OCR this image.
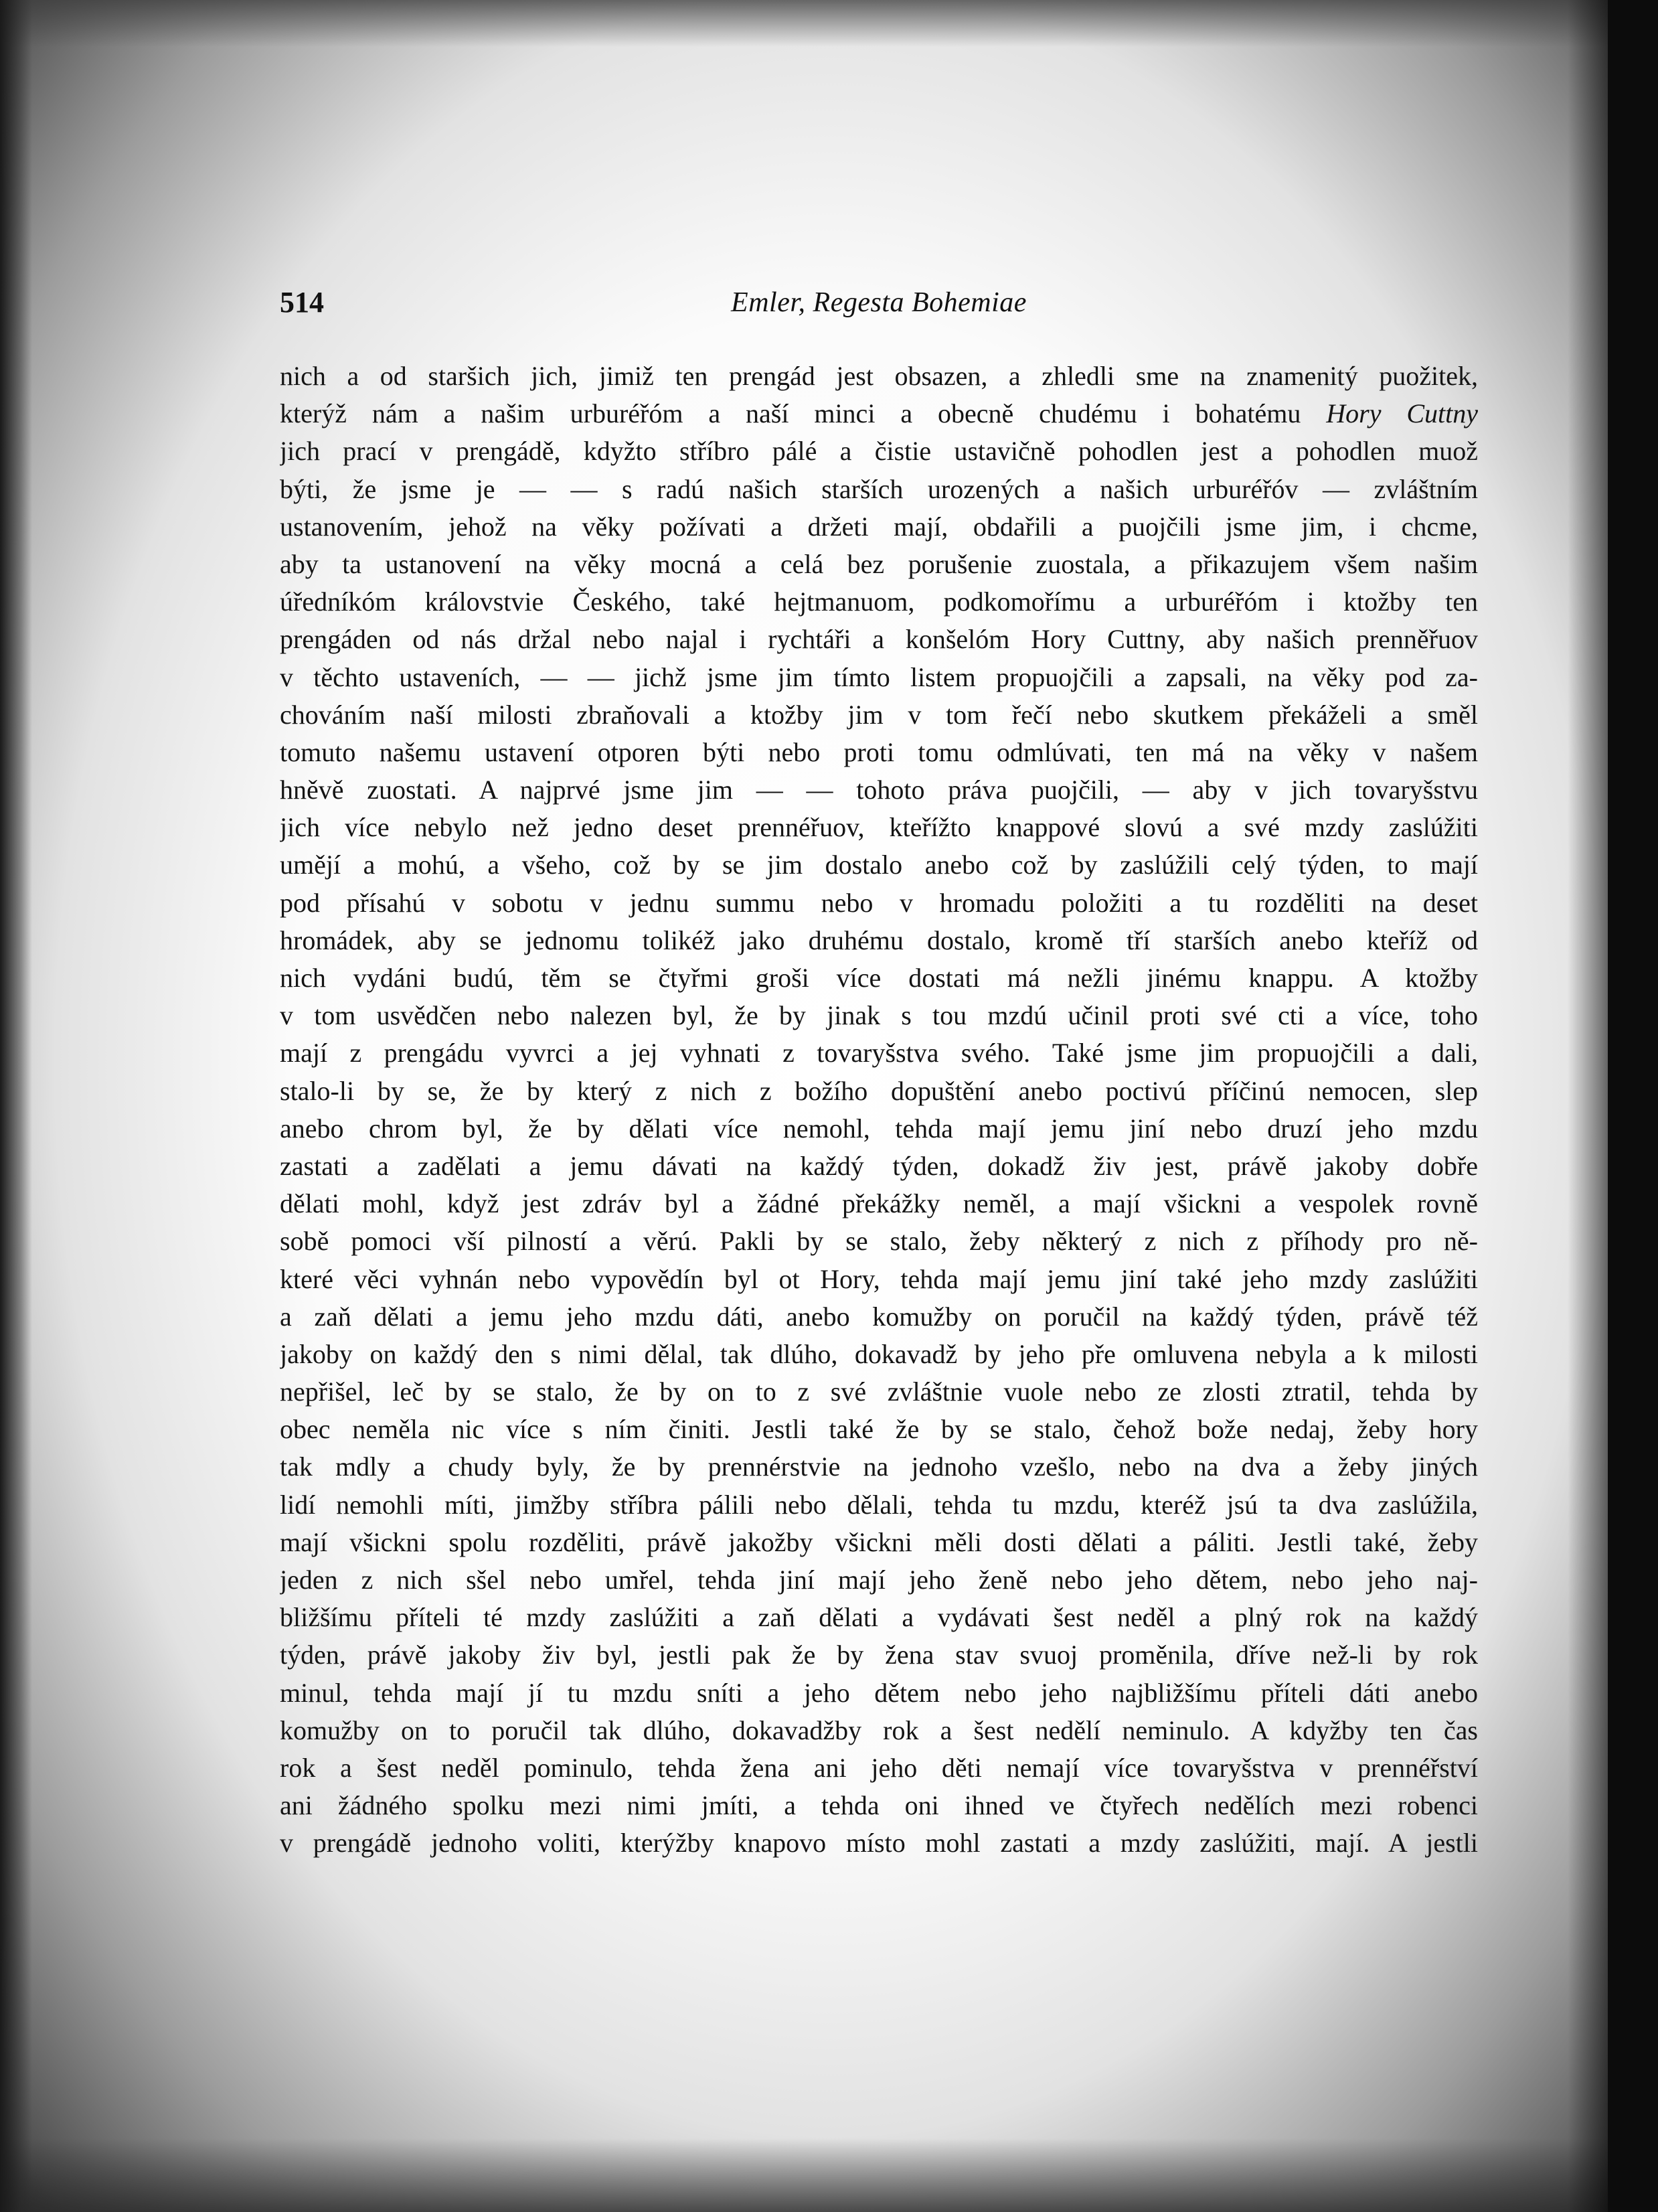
514	Emler, Regesta Bohemiae
nich a od staršich jich, jimiž ten prengád jest obsazen, a zhledli sme na znamenitý puožitek,
kterýž nám a našim urburéřóm a naší minci a obecně chudému i bohatému Hory Cuttny
jich prací v prengádě, kdyžto stříbro pálé a čistie ustavičně pohodlen jest a pohodlen muož
býti, že jsme je — — s radú našich starších urozených a našich urburéřóv — zvláštním
ustanovením, jehož na věky požívati a držeti mají, obdařili a puojčili jsme jim, i chcme,
aby ta ustanovení na věky mocná a celá bez porušenie zuostala, a přikazujem všem našim
úředníkóm královstvie Českého, také hejtmanuom, podkomořímu a urburéřóm i ktožby ten
prengáden od nás držal nebo najal i rychtáři a konšelóm Hory Cuttny, aby našich prenněřuov
v těchto ustaveních, — — jichž jsme jim tímto listem propuojčili a zapsali, na věky pod za-
chováním naší milosti zbraňovali a ktožby jim v tom řečí nebo skutkem překáželi a směl
tomuto našemu ustavení otporen býti nebo proti tomu odmlúvati, ten má na věky v našem
hněvě zuostati. A najprvé jsme jim — — tohoto práva puojčili, — aby v jich tovaryšstvu
jich více nebylo než jedno deset prennéřuov, kteřížto knappové slovú a své mzdy zaslúžiti
umějí a mohú, a všeho, což by se jim dostalo anebo což by zaslúžili celý týden, to mají
pod přísahú v sobotu v jednu summu nebo v hromadu položiti a tu rozděliti na deset
hromádek, aby se jednomu tolikéž jako druhému dostalo, kromě tří starších anebo kteříž od
nich vydáni budú, těm se čtyřmi groši více dostati má nežli jinému knappu. A ktožby
v tom usvědčen nebo nalezen byl, že by jinak s tou mzdú učinil proti své cti a více, toho
mají z prengádu vyvrci a jej vyhnati z tovaryšstva svého. Také jsme jim propuojčili a dali,
stalo-li by se, že by který z nich z božího dopuštění anebo poctivú příčinú nemocen, slep
anebo chrom byl, že by dělati více nemohl, tehda mají jemu jiní nebo druzí jeho mzdu
zastati a zadělati a jemu dávati na každý týden, dokadž živ jest, právě jakoby dobře
dělati mohl, když jest zdráv byl a žádné překážky neměl, a mají všickni a vespolek rovně
sobě pomoci vší pilností a věrú. Pakli by se stalo, žeby některý z nich z příhody pro ně-
které věci vyhnán nebo vypovědín byl ot Hory, tehda mají jemu jiní také jeho mzdy zaslúžiti
a zaň dělati a jemu jeho mzdu dáti, anebo komužby on poručil na každý týden, právě též
jakoby on každý den s nimi dělal, tak dlúho, dokavadž by jeho pře omluvena nebyla a k milosti
nepřišel, leč by se stalo, že by on to z své zvláštnie vuole nebo ze zlosti ztratil, tehda by
obec neměla nic více s ním činiti. Jestli také že by se stalo, čehož bože nedaj, žeby hory
tak mdly a chudy byly, že by prennérstvie na jednoho vzešlo, nebo na dva a žeby jiných
lidí nemohli míti, jimžby stříbra pálili nebo dělali, tehda tu mzdu, kteréž jsú ta dva zaslúžila,
mají všickni spolu rozděliti, právě jakožby všickni měli dosti dělati a páliti. Jestli také, žeby
jeden z nich sšel nebo umřel, tehda jiní mají jeho ženě nebo jeho dětem, nebo jeho naj-
bližšímu příteli té mzdy zaslúžiti a zaň dělati a vydávati šest neděl a plný rok na každý
týden, právě jakoby živ byl, jestli pak že by žena stav svuoj proměnila, dříve než-li by rok
minul, tehda mají jí tu mzdu sníti a jeho dětem nebo jeho najbližšímu příteli dáti anebo
komužby on to poručil tak dlúho, dokavadžby rok a šest nedělí neminulo. A kdyžby ten čas
rok a šest neděl pominulo, tehda žena ani jeho děti nemají více tovaryšstva v prennéřství
ani žádného spolku mezi nimi jmíti, a tehda oni ihned ve čtyřech nedělích mezi robenci
v prengádě jednoho voliti, kterýžby knapovo místo mohl zastati a mzdy zaslúžiti, mají. A jestli
